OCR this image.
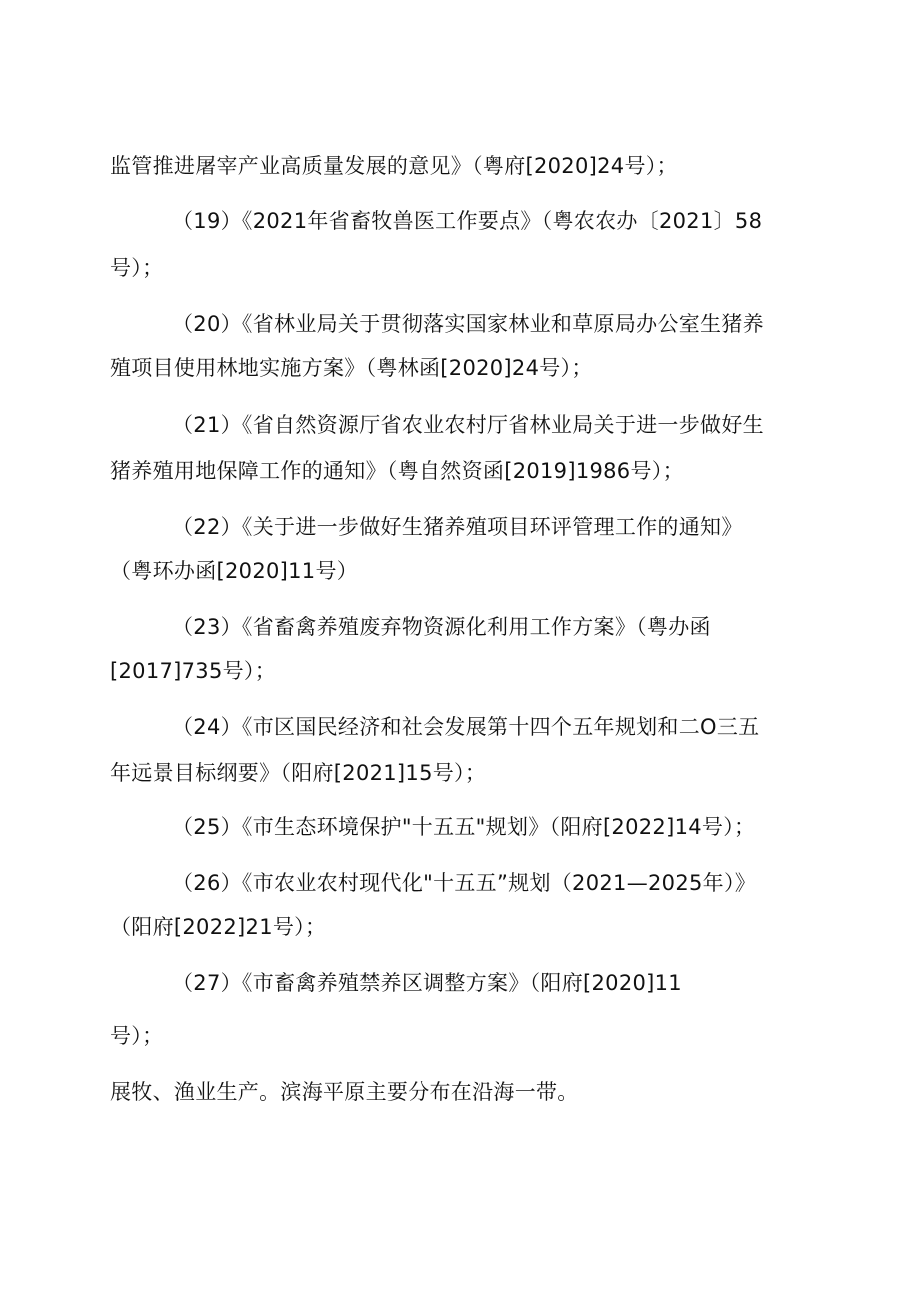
监管推进屠宰产业高质量发展的意见》（粤府[2020]24号）；
（19）《2021年省畜牧兽医工作要点》（粤农农办〔2021〕58
号）；
（20）《省林业局关于贯彻落实国家林业和草原局办公室生猪养
殖项目使用林地实施方案》（粤林函[2020]24号）；
（21）《省自然资源厅省农业农村厅省林业局关于进一步做好生
猪养殖用地保障工作的通知》（粤自然资函[2019]1986号）；
（22）《关于进一步做好生猪养殖项目环评管理工作的通知》
（粤环办函[2020]11号）
（23）《省畜禽养殖废弃物资源化利用工作方案》（粤办函
[2017]735号）；
（24）《市区国民经济和社会发展第十四个五年规划和二O三五
年远景目标纲要》（阳府[2021]15号）；
（25）《市生态环境保护"十五五"规划》（阳府[2022]14号）；
（26）《市农业农村现代化"十五五”规划（2021—2025年）》
（阳府[2022]21号）；
（27）《市畜禽养殖禁养区调整方案》（阳府[2020]11
号）；
展牧、渔业生产。滨海平原主要分布在沿海一带。
